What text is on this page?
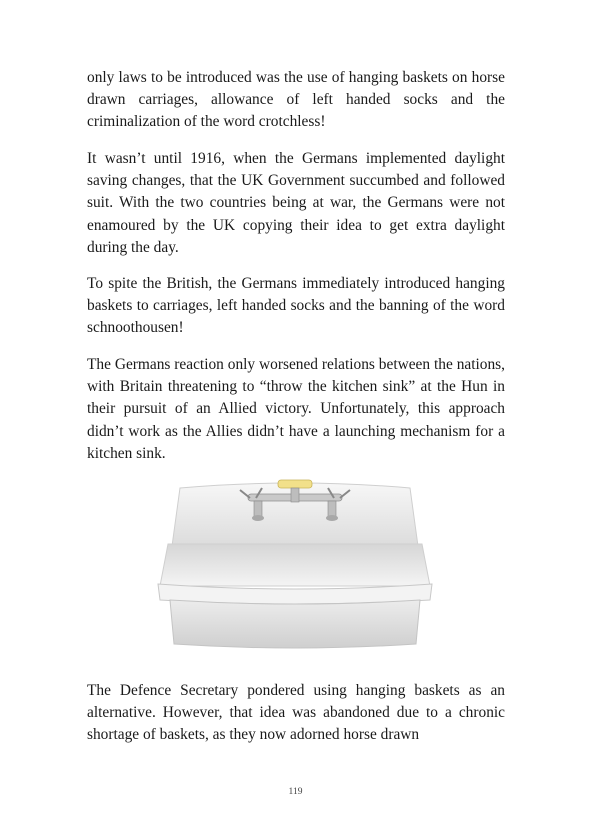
only laws to be introduced was the use of hanging baskets on horse drawn carriages, allowance of left handed socks and the criminalization of the word crotchless!

It wasn’t until 1916, when the Germans implemented daylight saving changes, that the UK Government succumbed and followed suit. With the two countries being at war, the Germans were not enamoured by the UK copying their idea to get extra daylight during the day.

To spite the British, the Germans immediately introduced hanging baskets to carriages, left handed socks and the banning of the word schnoothousen!

The Germans reaction only worsened relations between the nations, with Britain threatening to “throw the kitchen sink” at the Hun in their pursuit of an Allied victory. Unfortunately, this approach didn’t work as the Allies didn’t have a launching mechanism for a kitchen sink.

The Defence Secretary pondered using hanging baskets as an alternative. However, that idea was abandoned due to a chronic shortage of baskets, as they now adorned horse drawn

119
